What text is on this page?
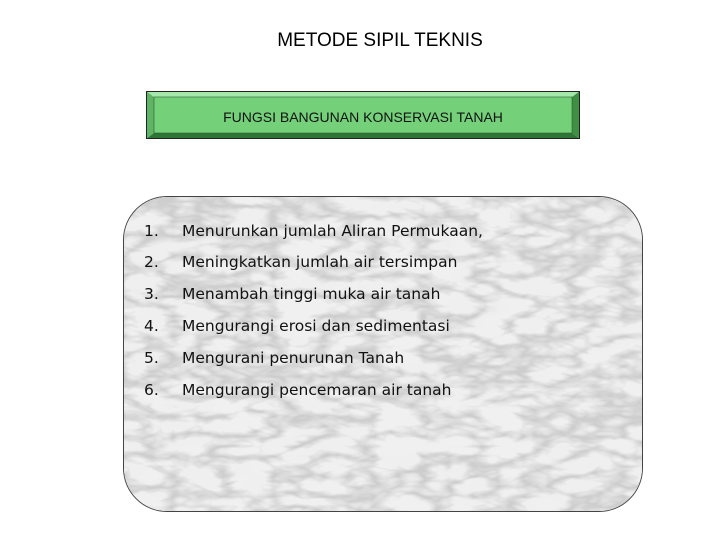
METODE SIPIL TEKNIS
FUNGSI BANGUNAN KONSERVASI TANAH
1.	Menurunkan jumlah Aliran Permukaan,
2.	Meningkatkan jumlah air tersimpan
3.	Menambah tinggi muka air tanah
4.	Mengurangi erosi dan sedimentasi
5.	Mengurani penurunan Tanah
6.	Mengurangi pencemaran air tanah
